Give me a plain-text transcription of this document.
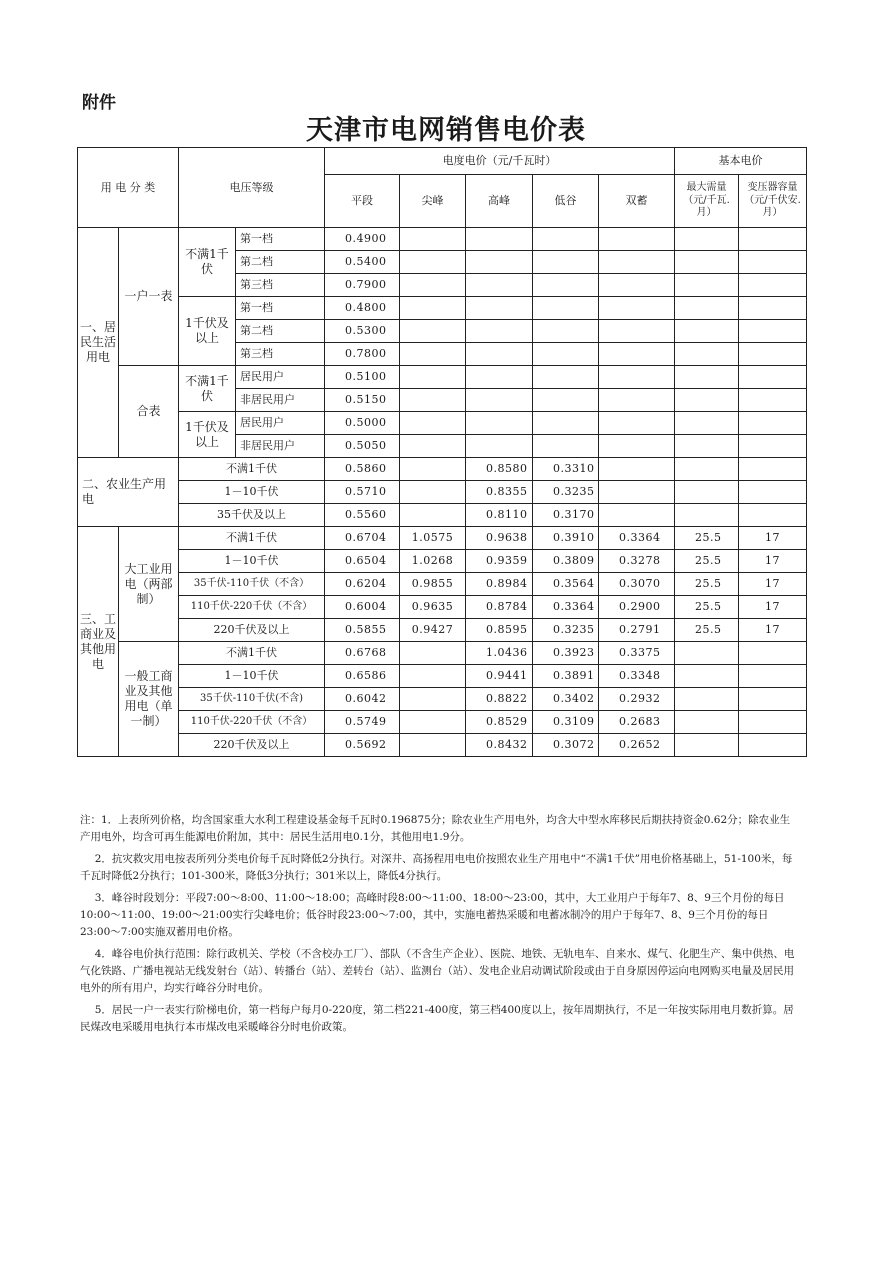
附件
天津市电网销售电价表
用 电 分 类		电压等级		电度电价（元/千瓦时）					基本电价	
				平段	尖峰	高峰	低谷	双蓄	最大需量（元/千瓦.月）	变压器容量（元/千伏安.月）
一、居民生活用电	一户一表	不满1千伏	第一档	0.4900						
			第二档	0.5400						
			第三档	0.7900						
		1千伏及以上	第一档	0.4800						
			第二档	0.5300						
			第三档	0.7800						
	合表	不满1千伏	居民用户	0.5100						
			非居民用户	0.5150						
		1千伏及以上	居民用户	0.5000						
			非居民用户	0.5050						
二、农业生产用电		不满1千伏		0.5860		0.8580	0.3310			
		1－10千伏		0.5710		0.8355	0.3235			
		35千伏及以上		0.5560		0.8110	0.3170			
三、工商业及其他用电	大工业用电（两部制）	不满1千伏		0.6704	1.0575	0.9638	0.3910	0.3364	25.5	17
		1－10千伏		0.6504	1.0268	0.9359	0.3809	0.3278	25.5	17
		35千伏-110千伏（不含）		0.6204	0.9855	0.8984	0.3564	0.3070	25.5	17
		110千伏-220千伏（不含）		0.6004	0.9635	0.8784	0.3364	0.2900	25.5	17
		220千伏及以上		0.5855	0.9427	0.8595	0.3235	0.2791	25.5	17
	一般工商业及其他用电（单一制）	不满1千伏		0.6768		1.0436	0.3923	0.3375		
		1－10千伏		0.6586		0.9441	0.3891	0.3348		
		35千伏-110千伏(不含)		0.6042		0.8822	0.3402	0.2932		
		110千伏-220千伏（不含）		0.5749		0.8529	0.3109	0.2683		
		220千伏及以上		0.5692		0.8432	0.3072	0.2652		

注：1．上表所列价格，均含国家重大水利工程建设基金每千瓦时0.196875分；除农业生产用电外，均含大中型水库移民后期扶持资金0.62分；除农业生产用电外，均含可再生能源电价附加，其中：居民生活用电0.1分，其他用电1.9分。

2．抗灾救灾用电按表所列分类电价每千瓦时降低2分执行。对深井、高扬程用电电价按照农业生产用电中“不满1千伏”用电价格基础上，51-100米，每千瓦时降低2分执行；101-300米，降低3分执行；301米以上，降低4分执行。

3．峰谷时段划分：平段7:00～8:00、11:00～18:00；高峰时段8:00～11:00、18:00～23:00，其中，大工业用户于每年7、8、9三个月份的每日10:00～11:00、19:00～21:00实行尖峰电价；低谷时段23:00～7:00，其中，实施电蓄热采暖和电蓄冰制冷的用户于每年7、8、9三个月份的每日23:00～7:00实施双蓄用电价格。

4．峰谷电价执行范围：除行政机关、学校（不含校办工厂）、部队（不含生产企业）、医院、地铁、无轨电车、自来水、煤气、化肥生产、集中供热、电气化铁路、广播电视站无线发射台（站）、转播台（站）、差转台（站）、监测台（站）、发电企业启动调试阶段或由于自身原因停运向电网购买电量及居民用电外的所有用户，均实行峰谷分时电价。

5．居民一户一表实行阶梯电价，第一档每户每月0-220度，第二档221-400度，第三档400度以上，按年周期执行，不足一年按实际用电月数折算。居民煤改电采暖用电执行本市煤改电采暖峰谷分时电价政策。
